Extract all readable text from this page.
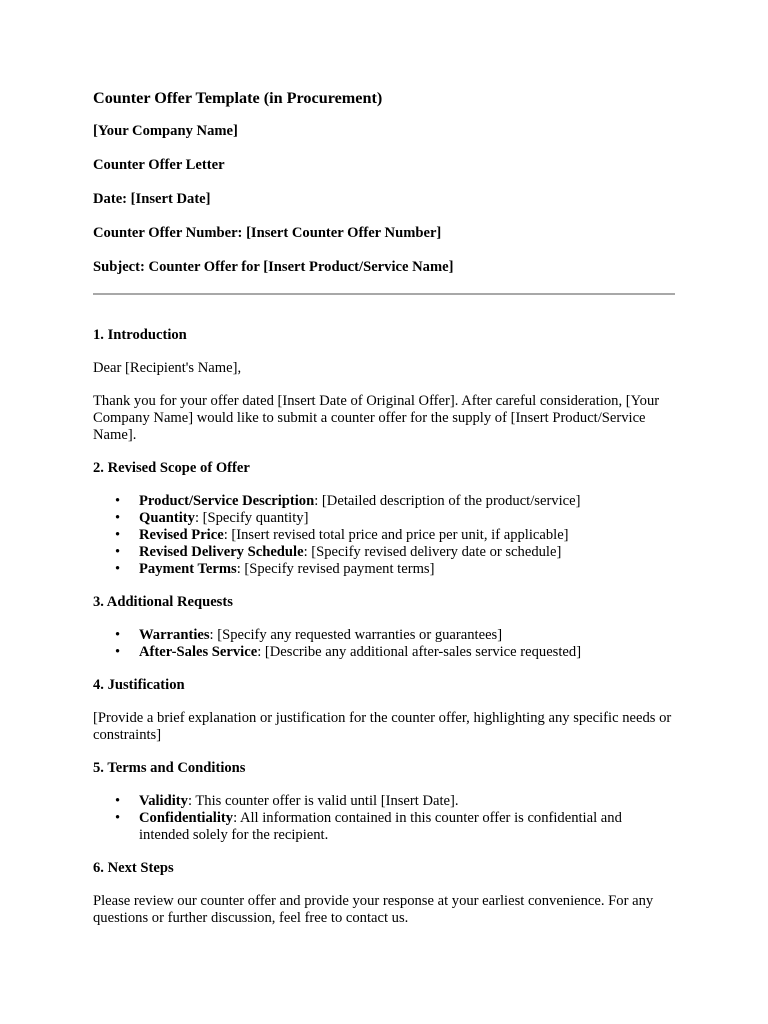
Counter Offer Template (in Procurement)
[Your Company Name]
Counter Offer Letter
Date: [Insert Date]
Counter Offer Number: [Insert Counter Offer Number]
Subject: Counter Offer for [Insert Product/Service Name]
1. Introduction

Dear [Recipient's Name],

Thank you for your offer dated [Insert Date of Original Offer]. After careful consideration, [Your Company Name] would like to submit a counter offer for the supply of [Insert Product/Service Name].

2. Revised Scope of Offer
• Product/Service Description: [Detailed description of the product/service]
• Quantity: [Specify quantity]
• Revised Price: [Insert revised total price and price per unit, if applicable]
• Revised Delivery Schedule: [Specify revised delivery date or schedule]
• Payment Terms: [Specify revised payment terms]
3. Additional Requests
• Warranties: [Specify any requested warranties or guarantees]
• After-Sales Service: [Describe any additional after-sales service requested]
4. Justification

[Provide a brief explanation or justification for the counter offer, highlighting any specific needs or constraints]

5. Terms and Conditions
• Validity: This counter offer is valid until [Insert Date].
• Confidentiality: All information contained in this counter offer is confidential and intended solely for the recipient.
6. Next Steps

Please review our counter offer and provide your response at your earliest convenience. For any questions or further discussion, feel free to contact us.
